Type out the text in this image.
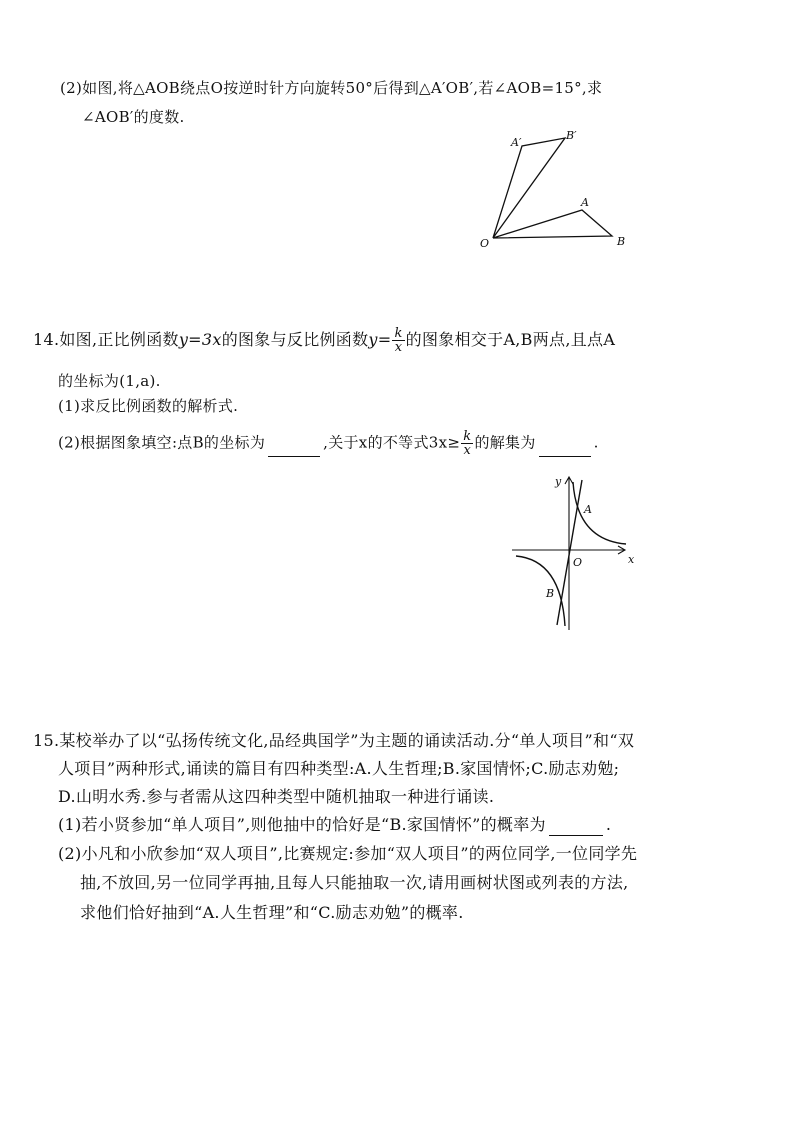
(2)如图,将△AOB绕点O按逆时针方向旋转50°后得到△A′OB′,若∠AOB=15°,求
∠AOB′的度数.
A′
B′
A
O	B
14.如图,正比例函数y=3x的图象与反比例函数$y= \frac{k}{x}$ 的图象相交于A,B两点,且点A
的坐标为(1,a).
(1)求反比例函数的解析式.
(2)根据图象填空:点B的坐标为	,关于x的不等式$3x\ge \frac{k}{x}$ 的解集为	.
y
x
O
A
B
15.某校举办了以“弘扬传统文化,品经典国学”为主题的诵读活动.分“单人项目”和“双
人项目”两种形式,诵读的篇目有四种类型:A.人生哲理;B.家国情怀;C.励志劝勉;
D.山明水秀.参与者需从这四种类型中随机抽取一种进行诵读.
(1)若小贤参加“单人项目”,则他抽中的恰好是“B.家国情怀”的概率为	.
(2)小凡和小欣参加“双人项目”,比赛规定:参加“双人项目”的两位同学,一位同学先
抽,不放回,另一位同学再抽,且每人只能抽取一次,请用画树状图或列表的方法,
求他们恰好抽到“A.人生哲理”和“C.励志劝勉”的概率.
